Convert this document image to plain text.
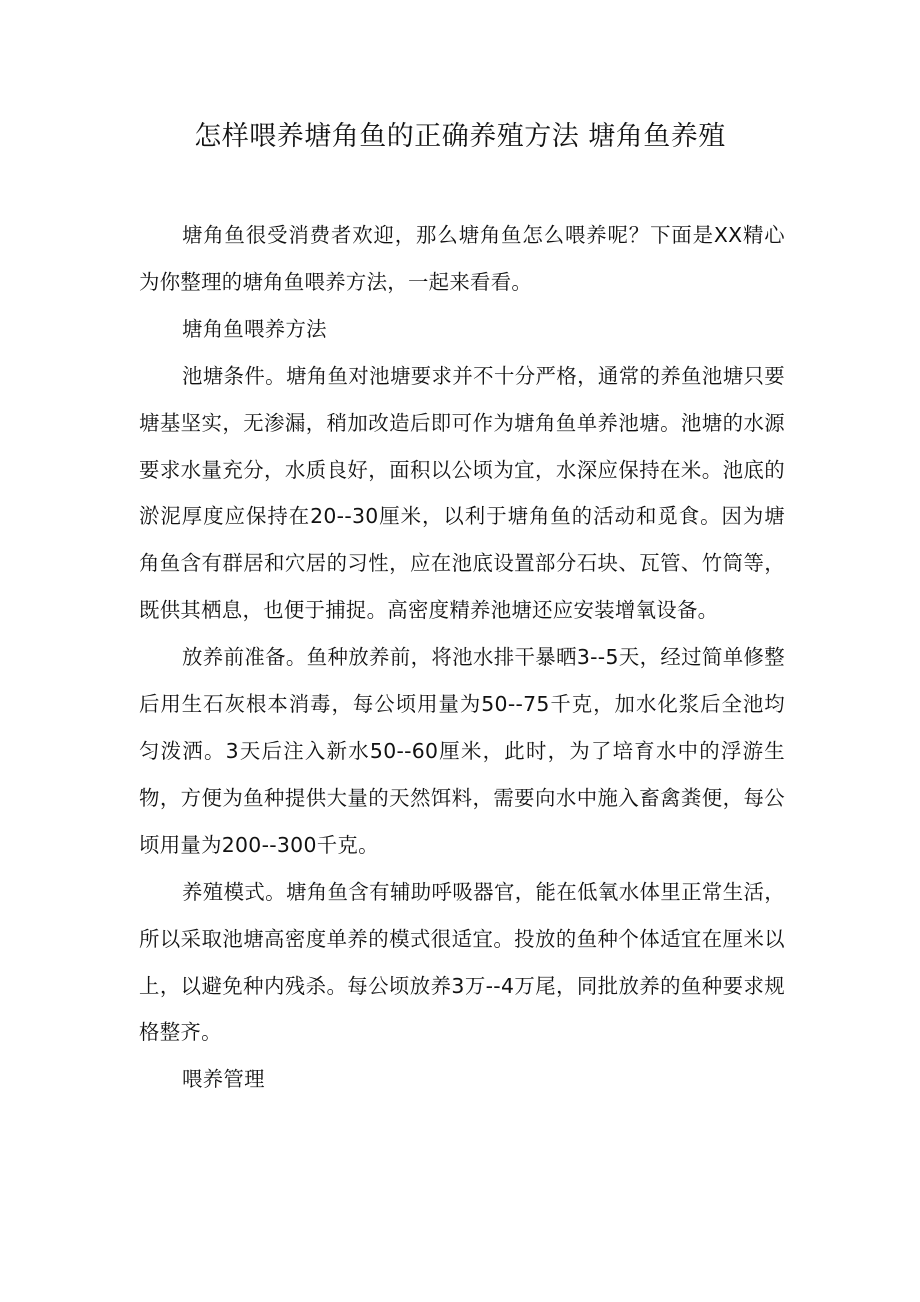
怎样喂养塘角鱼的正确养殖方法 塘角鱼养殖

塘角鱼很受消费者欢迎，那么塘角鱼怎么喂养呢？下面是XX精心为你整理的塘角鱼喂养方法，一起来看看。

塘角鱼喂养方法

池塘条件。塘角鱼对池塘要求并不十分严格，通常的养鱼池塘只要塘基坚实，无渗漏，稍加改造后即可作为塘角鱼单养池塘。池塘的水源要求水量充分，水质良好，面积以公顷为宜，水深应保持在米。池底的淤泥厚度应保持在20--30厘米，以利于塘角鱼的活动和觅食。因为塘角鱼含有群居和穴居的习性，应在池底设置部分石块、瓦管、竹筒等，既供其栖息，也便于捕捉。高密度精养池塘还应安装增氧设备。

放养前准备。鱼种放养前，将池水排干暴晒3--5天，经过简单修整后用生石灰根本消毒，每公顷用量为50--75千克，加水化浆后全池均匀泼洒。3天后注入新水50--60厘米，此时，为了培育水中的浮游生物，方便为鱼种提供大量的天然饵料，需要向水中施入畜禽粪便，每公顷用量为200--300千克。

养殖模式。塘角鱼含有辅助呼吸器官，能在低氧水体里正常生活，所以采取池塘高密度单养的模式很适宜。投放的鱼种个体适宜在厘米以上，以避免种内残杀。每公顷放养3万--4万尾，同批放养的鱼种要求规格整齐。

喂养管理
